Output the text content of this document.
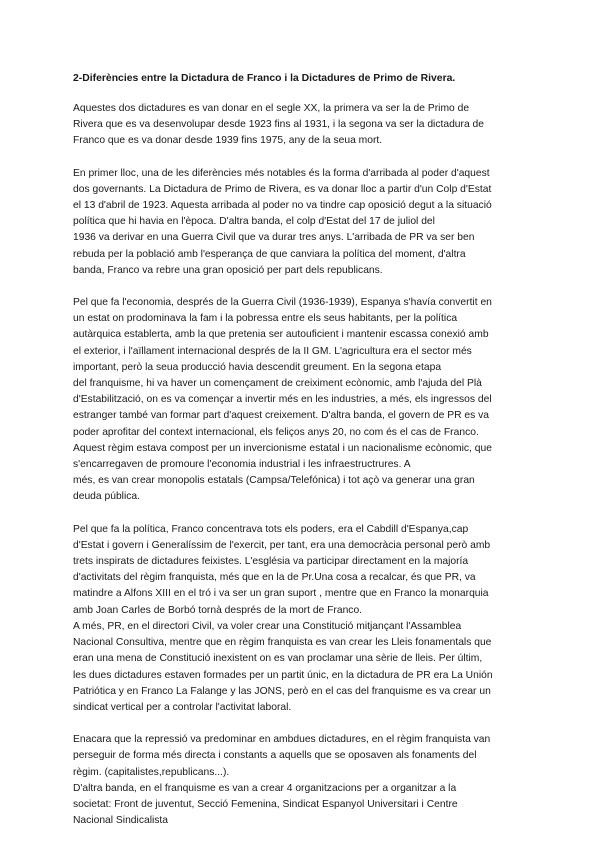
2-Diferències entre la Dictadura de Franco i la Dictadures de Primo de Rivera.
Aquestes dos dictadures es van donar en el segle XX, la primera va ser la de Primo de
Rivera que es va desenvolupar desde 1923 fins al 1931, i la segona va ser la dictadura de
Franco que es va donar desde 1939 fins 1975, any de la seua mort.
En primer lloc, una de les diferències més notables és la forma d'arribada al poder d'aquest
dos governants. La Dictadura de Primo de Rivera, es va donar lloc a partir d'un Colp d'Estat
el 13 d'abril de 1923. Aquesta arribada al poder no va tindre cap oposició degut a la situació
política que hi havia en l'època. D'altra banda, el colp d'Estat del 17 de juliol del
1936 va derivar en una Guerra Civil que va durar tres anys. L'arribada de PR va ser ben
rebuda per la població amb l'esperança de que canviara la política del moment, d'altra
banda, Franco va rebre una gran oposició per part dels republicans.
Pel que fa l'economia, després de la Guerra Civil (1936-1939), Espanya s'havía convertit en
un estat on prodominava la fam i la pobressa entre els seus habitants, per la política
autàrquica establerta, amb la que pretenia ser autouficient i mantenir escassa conexió amb
el exterior, i l'aïllament internacional després de la II GM. L'agricultura era el sector més
important, però la seua producció havia descendit greument. En la segona etapa
del franquisme, hi va haver un començament de creiximent ecònomic, amb l'ajuda del Plà
d'Estabilització, on es va començar a invertir més en les industries, a més, els ingressos del
estranger també van formar part d'aquest creixement. D'altra banda, el govern de PR es va
poder aprofitar del context internacional, els feliços anys 20, no com és el cas de Franco.
Aquest règim estava compost per un invercionisme estatal i un nacionalisme ecònomic, que
s'encarregaven de promoure l'economia industrial i les infraestructrures. A
més, es van crear monopolis estatals (Campsa/Telefónica) i tot açò va generar una gran
deuda pública.
Pel que fa la política, Franco concentrava tots els poders, era el Cabdill d'Espanya,cap
d'Estat i govern i Generalíssim de l'exercit, per tant, era una democràcia personal però amb
trets inspirats de dictadures feixistes. L'església va participar directament en la majoría
d'activitats del règim franquista, més que en la de Pr.Una cosa a recalcar, és que PR, va
matindre a Alfons XIII en el tró i va ser un gran suport , mentre que en Franco la monarquia
amb Joan Carles de Borbó tornà després de la mort de Franco.
A més, PR, en el directori Civil, va voler crear una Constitució mitjançant l'Assamblea
Nacional Consultiva, mentre que en règim franquista es van crear les Lleis fonamentals que
eran una mena de Constitució inexistent on es van proclamar una sèrie de lleis. Per últim,
les dues dictadures estaven formades per un partit únic, en la dictadura de PR era La Unión
Patriótica y en Franco La Falange y las JONS, però en el cas del franquisme es va crear un
sindicat vertical per a controlar l'activitat laboral.
Enacara que la repressió va predominar en ambdues dictadures, en el règim franquista van
perseguir de forma més directa i constants a aquells que se oposaven als fonaments del
règim. (capitalistes,republicans...).
D'altra banda, en el franquisme es van a crear 4 organitzacions per a organitzar a la
societat: Front de juventut, Secció Femenina, Sindicat Espanyol Universitari i Centre
Nacional Sindicalista
